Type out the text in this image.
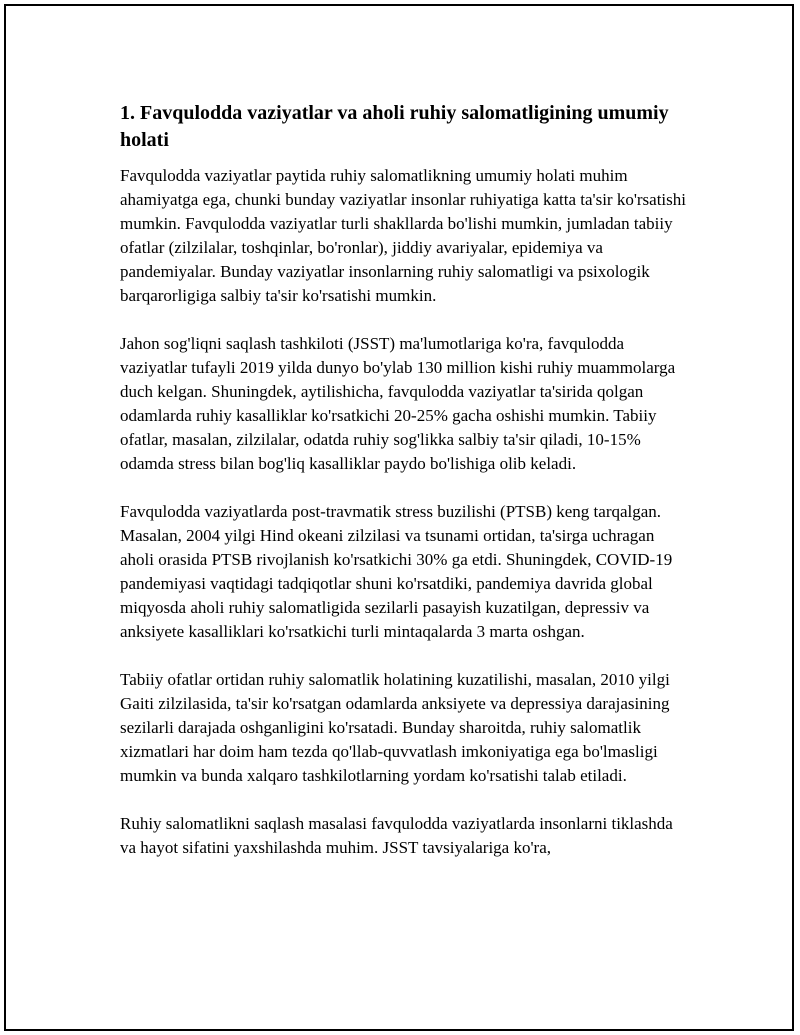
1. Favqulodda vaziyatlar va aholi ruhiy salomatligining umumiy holati

Favqulodda vaziyatlar paytida ruhiy salomatlikning umumiy holati muhim ahamiyatga ega, chunki bunday vaziyatlar insonlar ruhiyatiga katta ta'sir ko'rsatishi mumkin. Favqulodda vaziyatlar turli shakllarda bo'lishi mumkin, jumladan tabiiy ofatlar (zilzilalar, toshqinlar, bo'ronlar), jiddiy avariyalar, epidemiya va pandemiyalar. Bunday vaziyatlar insonlarning ruhiy salomatligi va psixologik barqarorligiga salbiy ta'sir ko'rsatishi mumkin.

Jahon sog'liqni saqlash tashkiloti (JSST) ma'lumotlariga ko'ra, favqulodda vaziyatlar tufayli 2019 yilda dunyo bo'ylab 130 million kishi ruhiy muammolarga duch kelgan. Shuningdek, aytilishicha, favqulodda vaziyatlar ta'sirida qolgan odamlarda ruhiy kasalliklar ko'rsatkichi 20-25% gacha oshishi mumkin. Tabiiy ofatlar, masalan, zilzilalar, odatda ruhiy sog'likka salbiy ta'sir qiladi, 10-15% odamda stress bilan bog'liq kasalliklar paydo bo'lishiga olib keladi.

Favqulodda vaziyatlarda post-travmatik stress buzilishi (PTSB) keng tarqalgan. Masalan, 2004 yilgi Hind okeani zilzilasi va tsunami ortidan, ta'sirga uchragan aholi orasida PTSB rivojlanish ko'rsatkichi 30% ga etdi. Shuningdek, COVID-19 pandemiyasi vaqtidagi tadqiqotlar shuni ko'rsatdiki, pandemiya davrida global miqyosda aholi ruhiy salomatligida sezilarli pasayish kuzatilgan, depressiv va anksiyete kasalliklari ko'rsatkichi turli mintaqalarda 3 marta oshgan.

Tabiiy ofatlar ortidan ruhiy salomatlik holatining kuzatilishi, masalan, 2010 yilgi Gaiti zilzilasida, ta'sir ko'rsatgan odamlarda anksiyete va depressiya darajasining sezilarli darajada oshganligini ko'rsatadi. Bunday sharoitda, ruhiy salomatlik xizmatlari har doim ham tezda qo'llab-quvvatlash imkoniyatiga ega bo'lmasligi mumkin va bunda xalqaro tashkilotlarning yordam ko'rsatishi talab etiladi.

Ruhiy salomatlikni saqlash masalasi favqulodda vaziyatlarda insonlarni tiklashda va hayot sifatini yaxshilashda muhim. JSST tavsiyalariga ko'ra,
